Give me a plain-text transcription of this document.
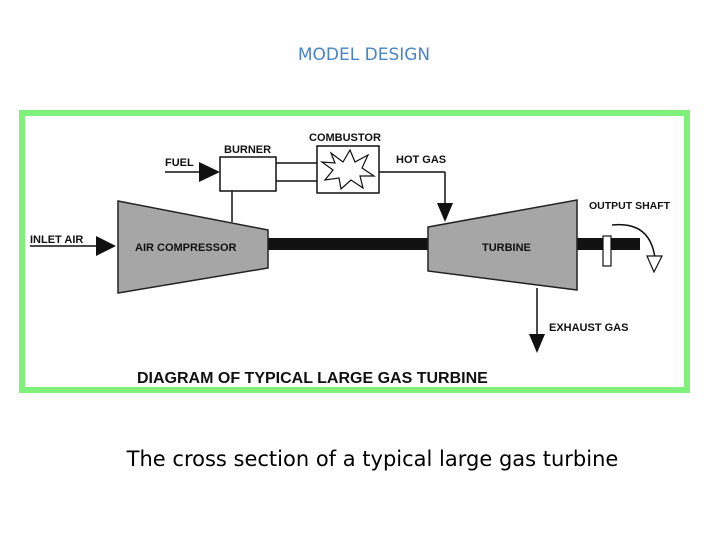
MODEL DESIGN
COMBUSTOR
BURNER
FUEL	HOT GAS
OUTPUT SHAFT
INLET AIR
AIR COMPRESSOR	TURBINE
EXHAUST GAS
DIAGRAM OF TYPICAL LARGE GAS TURBINE
The cross section of a typical large gas turbine
